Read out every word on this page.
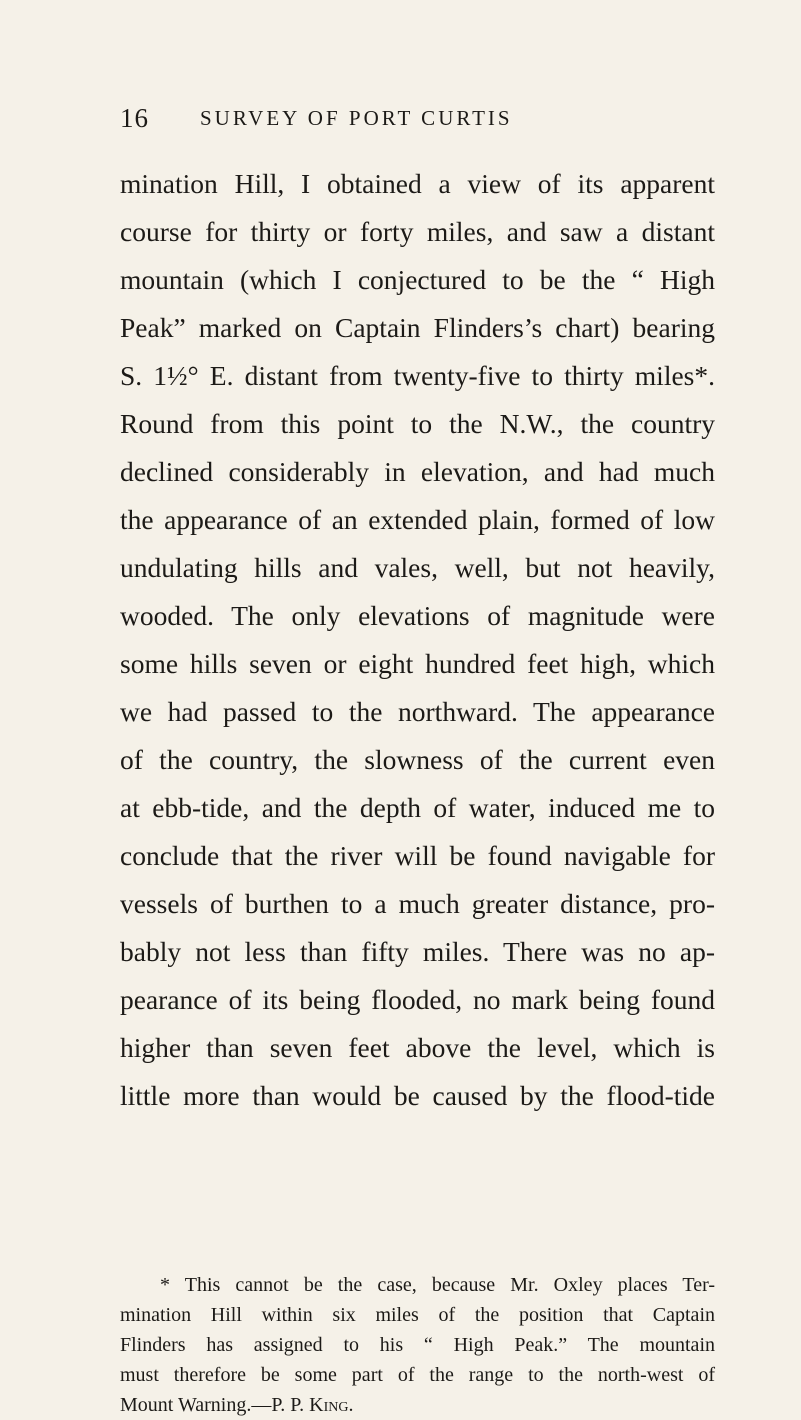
16 SURVEY OF PORT CURTIS
mination Hill, I obtained a view of its apparent
course for thirty or forty miles, and saw a distant
mountain (which I conjectured to be the “ High
Peak” marked on Captain Flinders’s chart) bearing
S. 1½° E. distant from twenty-five to thirty miles*.
Round from this point to the N.W., the country
declined considerably in elevation, and had much
the appearance of an extended plain, formed of low
undulating hills and vales, well, but not heavily,
wooded. The only elevations of magnitude were
some hills seven or eight hundred feet high, which
we had passed to the northward. The appearance
of the country, the slowness of the current even
at ebb-tide, and the depth of water, induced me to
conclude that the river will be found navigable for
vessels of burthen to a much greater distance, pro-
bably not less than fifty miles. There was no ap-
pearance of its being flooded, no mark being found
higher than seven feet above the level, which is
little more than would be caused by the flood-tide
* This cannot be the case, because Mr. Oxley places Ter-
mination Hill within six miles of the position that Captain
Flinders has assigned to his “ High Peak.” The mountain
must therefore be some part of the range to the north-west of
Mount Warning.—P. P. King.
